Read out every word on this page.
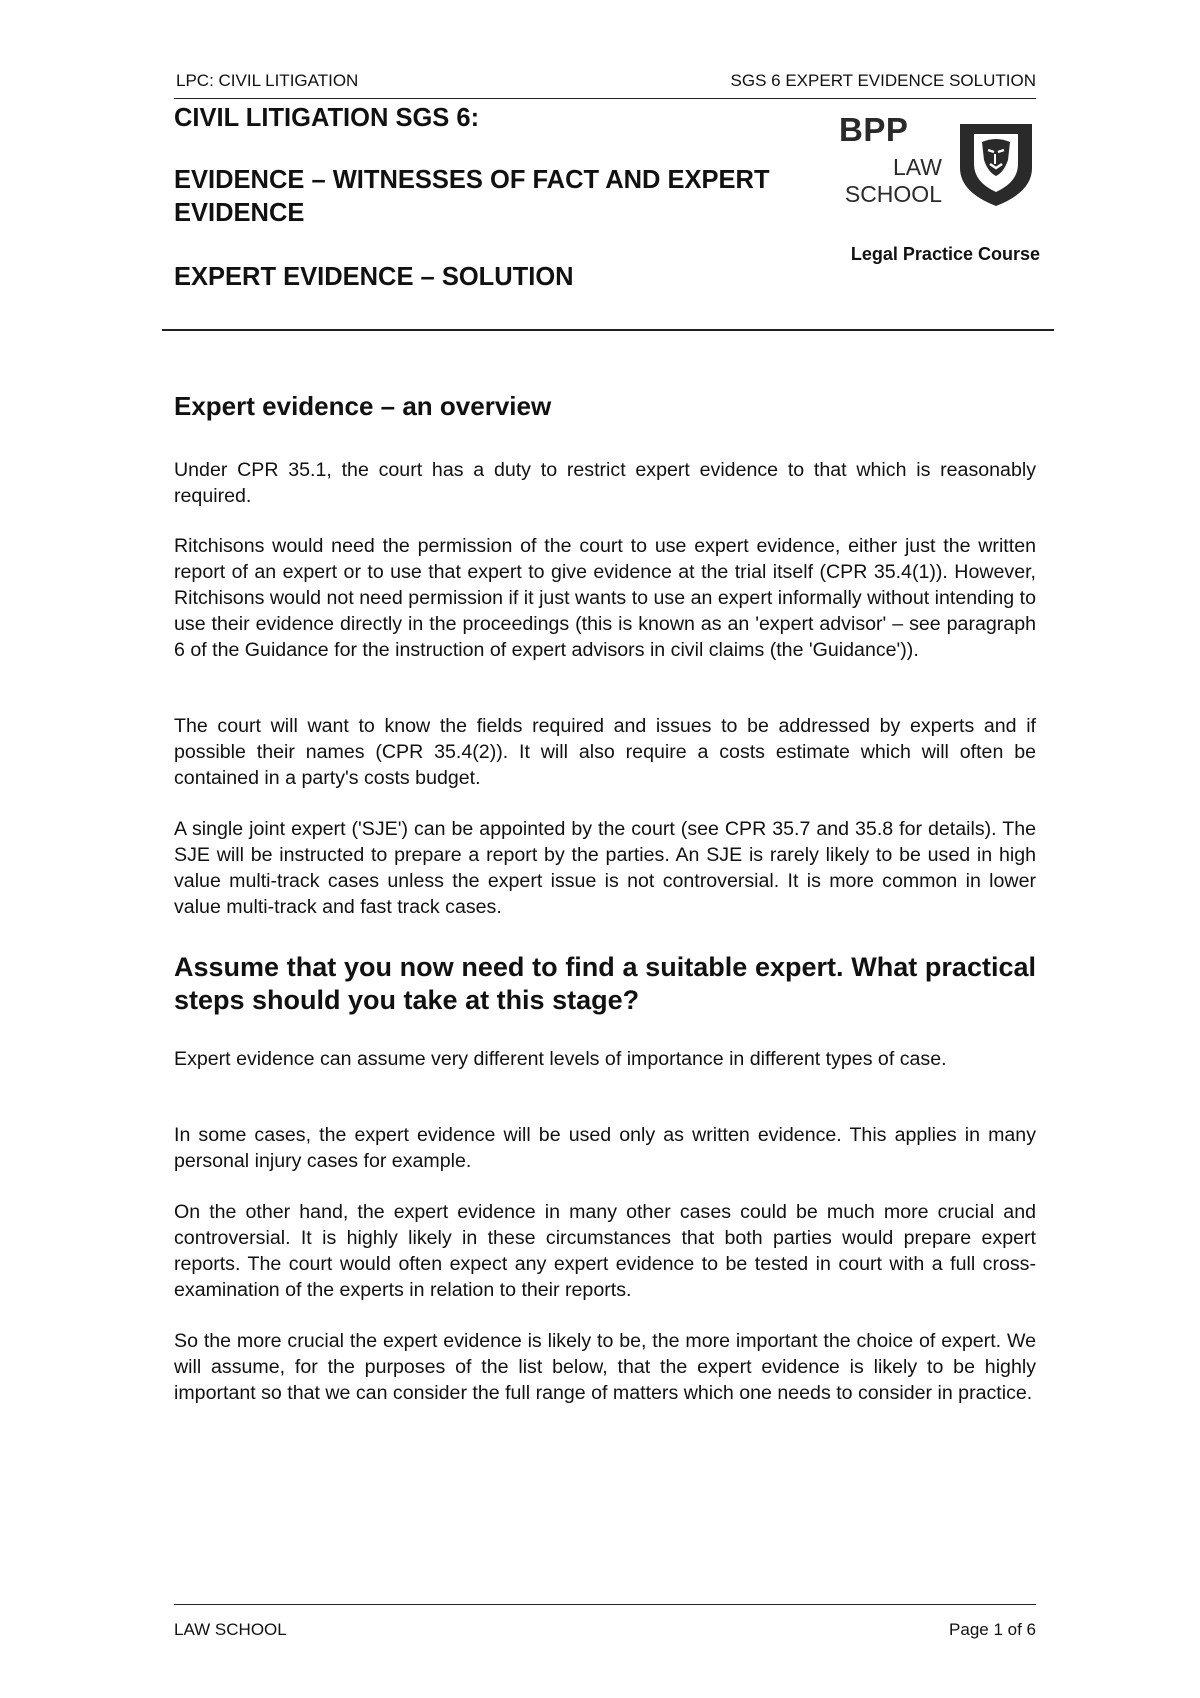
LPC: CIVIL LITIGATION	SGS 6 EXPERT EVIDENCE SOLUTION
CIVIL LITIGATION SGS 6:
EVIDENCE – WITNESSES OF FACT AND EXPERT EVIDENCE
EXPERT EVIDENCE – SOLUTION
BPP
LAW
SCHOOL
Legal Practice Course
Expert evidence – an overview
Under CPR 35.1, the court has a duty to restrict expert evidence to that which is reasonably required.
Ritchisons would need the permission of the court to use expert evidence, either just the written report of an expert or to use that expert to give evidence at the trial itself (CPR 35.4(1)). However, Ritchisons would not need permission if it just wants to use an expert informally without intending to use their evidence directly in the proceedings (this is known as an 'expert advisor' – see paragraph 6 of the Guidance for the instruction of expert advisors in civil claims (the 'Guidance')).
The court will want to know the fields required and issues to be addressed by experts and if possible their names (CPR 35.4(2)). It will also require a costs estimate which will often be contained in a party's costs budget.
A single joint expert ('SJE') can be appointed by the court (see CPR 35.7 and 35.8 for details). The SJE will be instructed to prepare a report by the parties. An SJE is rarely likely to be used in high value multi-track cases unless the expert issue is not controversial. It is more common in lower value multi-track and fast track cases.
Assume that you now need to find a suitable expert. What practical steps should you take at this stage?
Expert evidence can assume very different levels of importance in different types of case.
In some cases, the expert evidence will be used only as written evidence. This applies in many personal injury cases for example.
On the other hand, the expert evidence in many other cases could be much more crucial and controversial. It is highly likely in these circumstances that both parties would prepare expert reports. The court would often expect any expert evidence to be tested in court with a full cross-examination of the experts in relation to their reports.
So the more crucial the expert evidence is likely to be, the more important the choice of expert. We will assume, for the purposes of the list below, that the expert evidence is likely to be highly important so that we can consider the full range of matters which one needs to consider in practice.
LAW SCHOOL	Page 1 of 6
